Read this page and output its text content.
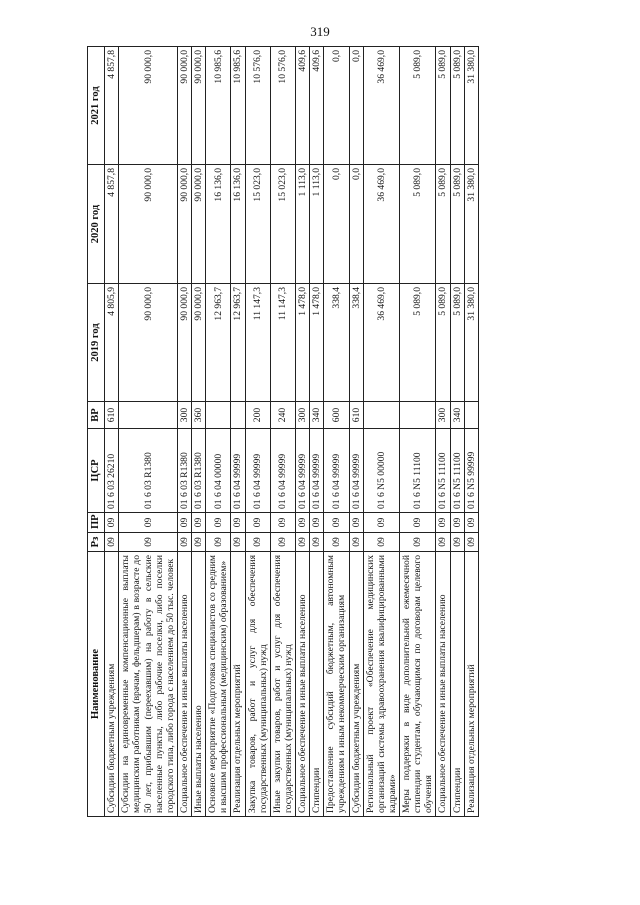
319
Наименование	Рз	ПР	ЦСР	ВР	2019 год	2020 год	2021 год
Субсидии бюджетным учреждениям	09	09	01 6 03 26210	610	4 805,9	4 857,8	4 857,8
Субсидии на единовременные компенсационные выплаты медицинским работникам (врачам, фельдшерам) в возрасте до 50 лет, прибывшим (переехавшим) на работу в сельские населенные пункты, либо рабочие поселки, либо поселки городского типа, либо города с населением до 50 тыс. человек	09	09	01 6 03 R1380		90 000,0	90 000,0	90 000,0
Социальное обеспечение и иные выплаты населению	09	09	01 6 03 R1380	300	90 000,0	90 000,0	90 000,0
Иные выплаты населению	09	09	01 6 03 R1380	360	90 000,0	90 000,0	90 000,0
Основное мероприятие «Подготовка специалистов со средним и высшим профессиональным (медицинским) образованием»	09	09	01 6 04 00000		12 963,7	16 136,0	10 985,6
Реализация отдельных мероприятий	09	09	01 6 04 99999		12 963,7	16 136,0	10 985,6
Закупка товаров, работ и услуг для обеспечения государственных (муниципальных) нужд	09	09	01 6 04 99999	200	11 147,3	15 023,0	10 576,0
Иные закупки товаров, работ и услуг для обеспечения государственных (муниципальных) нужд	09	09	01 6 04 99999	240	11 147,3	15 023,0	10 576,0
Социальное обеспечение и иные выплаты населению	09	09	01 6 04 99999	300	1 478,0	1 113,0	409,6
Стипендии	09	09	01 6 04 99999	340	1 478,0	1 113,0	409,6
Предоставление субсидий бюджетным, автономным учреждениям и иным некоммерческим организациям	09	09	01 6 04 99999	600	338,4	0,0	0,0
Субсидии бюджетным учреждениям	09	09	01 6 04 99999	610	338,4	0,0	0,0
Региональный проект «Обеспечение медицинских организаций системы здравоохранения квалифицированными кадрами»	09	09	01 6 N5 00000		36 469,0	36 469,0	36 469,0
Меры поддержки в виде дополнительной ежемесячной стипендии студентам, обучающимся по договорам целевого обучения	09	09	01 6 N5 11100		5 089,0	5 089,0	5 089,0
Социальное обеспечение и иные выплаты населению	09	09	01 6 N5 11100	300	5 089,0	5 089,0	5 089,0
Стипендии	09	09	01 6 N5 11100	340	5 089,0	5 089,0	5 089,0
Реализация отдельных мероприятий	09	09	01 6 N5 99999		31 380,0	31 380,0	31 380,0
